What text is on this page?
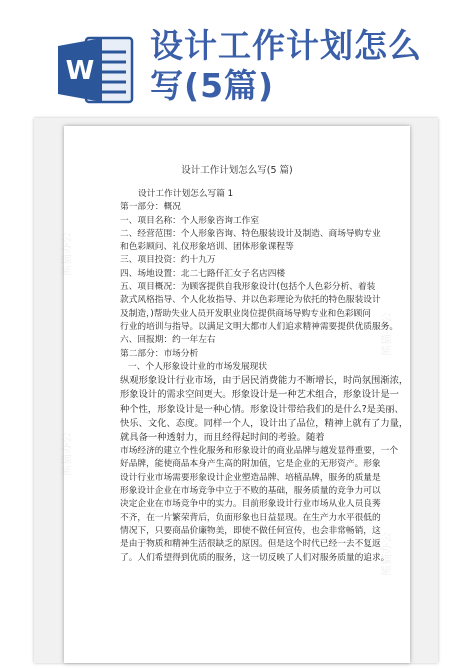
W
设计工作计划怎么
写(5篇)
熊猫办公
熊猫办公
熊猫办公
熊猫办公
设计工作计划怎么写(5 篇)

设计工作计划怎么写篇 1

第一部分：概况

一、项目名称：个人形象咨询工作室

二、经营范围：个人形象咨询、特色服装设计及制造、商场导购专业

和色彩顾问、礼仪形象培训、团体形象课程等

三、项目投资：约十九万

四、场地设置：北二七路仟汇女子名店四楼

五、项目概况：为顾客提供自我形象设计(包括个人色彩分析、着装

款式风格指导、个人化妆指导、并以色彩理论为依托的特色服装设计

及制造，)帮助失业人员开发职业岗位提供商场导购专业和色彩顾问

行业的培训与指导。以满足文明大都市人们追求精神需要提供优质服务。

六、回报期：约一年左右

第二部分：市场分析

一、个人形象设计业的市场发展现状

纵观形象设计行业市场，由于居民消费能力不断增长，时尚氛围渐浓，

形象设计的需求空间更大。形象设计是一种艺术组合，形象设计是一

种个性，形象设计是一种心情。形象设计带给我们的是什么?是美丽、

快乐、文化、态度。同样一个人，设计出了品位，精神上就有了力量，

就具备一种透射力，而且经得起时间的考验。随着

市场经济的建立个性化服务和形象设计的商业品牌与越发显得重要，一个

好品牌，能使商品本身产生高的附加值，它是企业的无形资产。形象

设计行业市场需要形象设计企业塑造品牌、培植品牌，服务的质量是

形象设计企业在市场竞争中立于不败的基础，服务质量的竞争力可以

决定企业在市场竞争中的实力。目前形象设计行业市场从业人员良莠

不齐，在一片繁荣背后，负面形象也日益显现。在生产力水平很低的

情况下，只要商品价廉物美，即使不做任何宣传，也会非常畅销，这

是由于物质和精神生活很缺乏的原因。但是这个时代已经一去不复返

了。人们希望得到优质的服务，这一切反映了人们对服务质量的追求。
